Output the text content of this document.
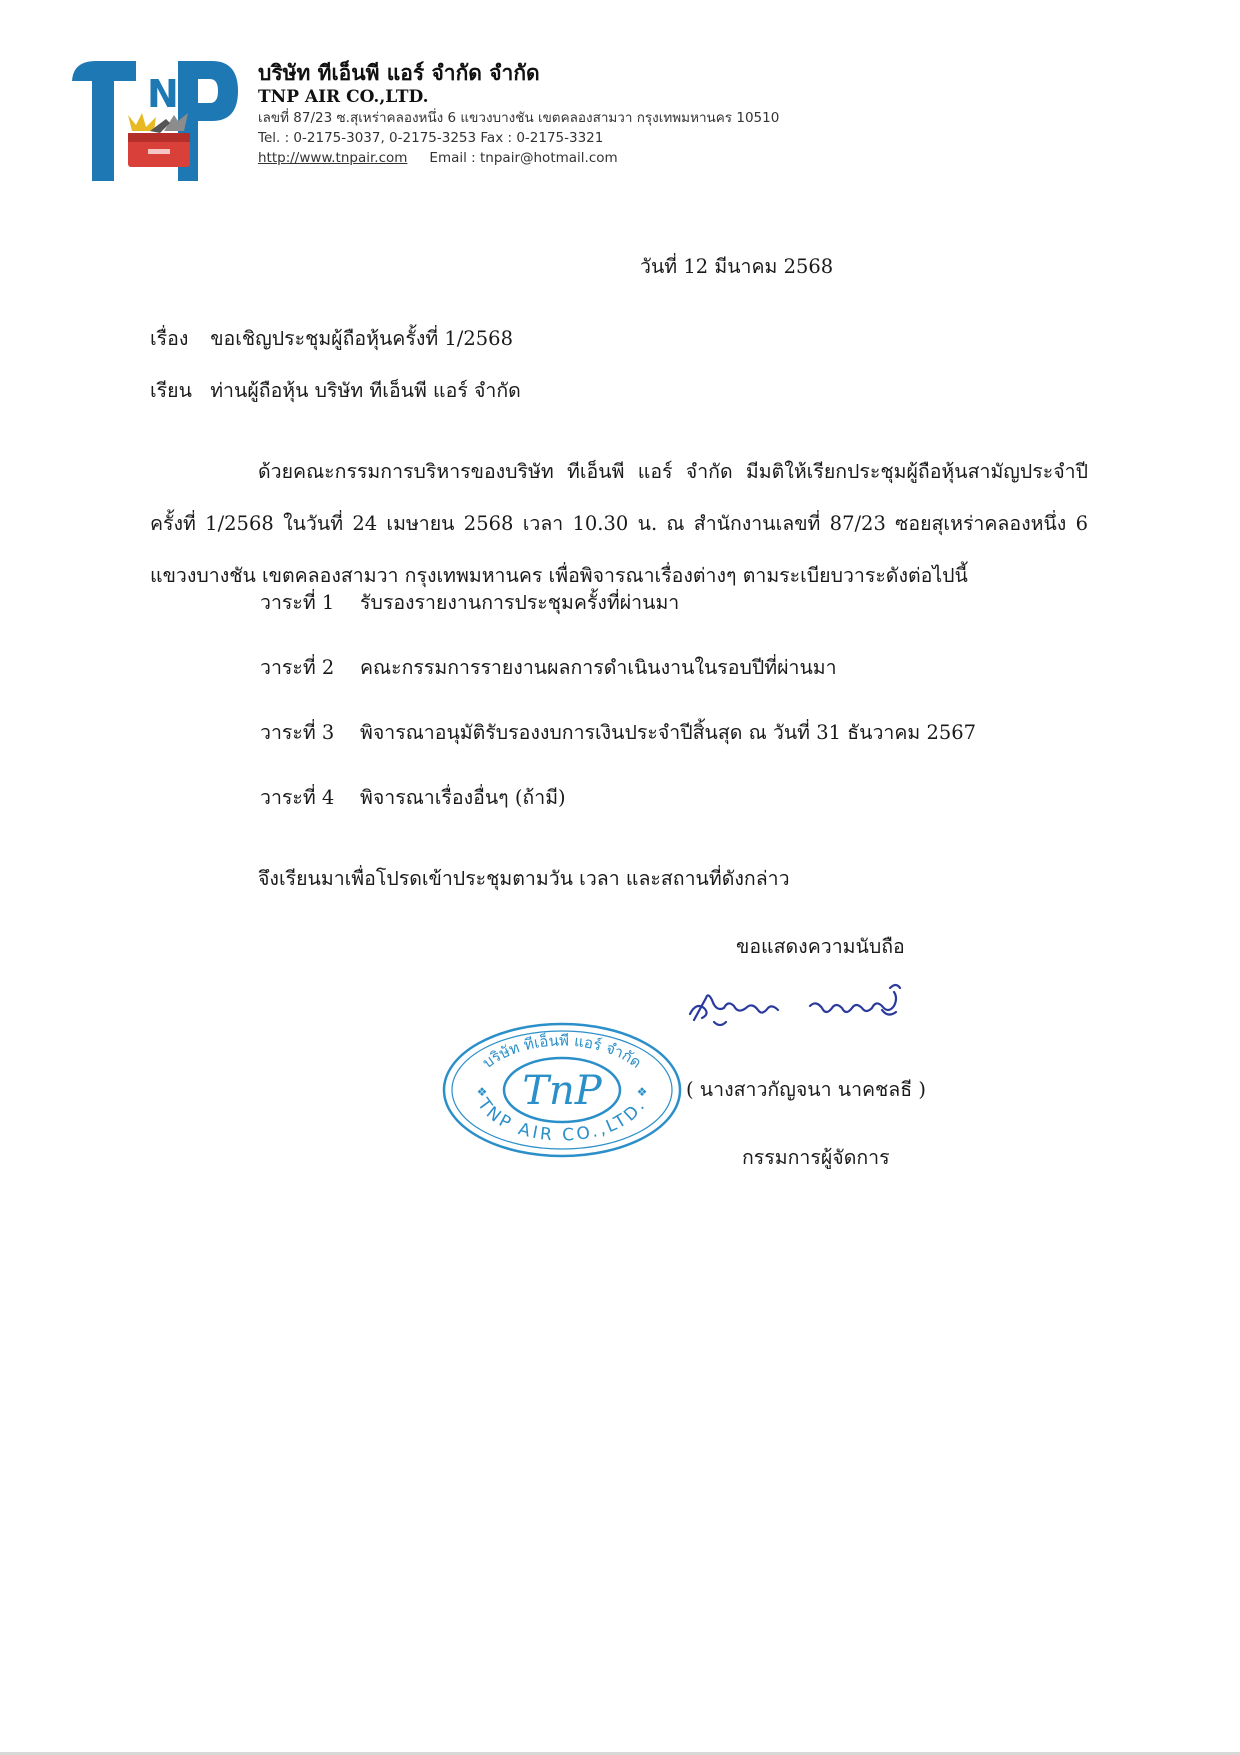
N	บริษัท ทีเอ็นพี แอร์ จำกัด จำกัด
TNP AIR CO.,LTD.
เลขที่ 87/23 ซ.สุเหร่าคลองหนึ่ง 6 แขวงบางชัน เขตคลองสามวา กรุงเทพมหานคร 10510
Tel. : 0-2175-3037, 0-2175-3253 Fax : 0-2175-3321
http://www.tnpair.com Email : tnpair@hotmail.com
วันที่ 12 มีนาคม 2568
เรื่อง ขอเชิญประชุมผู้ถือหุ้นครั้งที่ 1/2568
เรียน ท่านผู้ถือหุ้น บริษัท ทีเอ็นพี แอร์ จำกัด

ด้วยคณะกรรมการบริหารของบริษัท ทีเอ็นพี แอร์ จำกัด มีมติให้เรียกประชุมผู้ถือหุ้นสามัญประจำปี ครั้งที่ 1/2568 ในวันที่ 24 เมษายน 2568 เวลา 10.30 น. ณ สำนักงานเลขที่ 87/23 ซอยสุเหร่าคลองหนึ่ง 6 แขวงบางชัน เขตคลองสามวา กรุงเทพมหานคร เพื่อพิจารณาเรื่องต่างๆ ตามระเบียบวาระดังต่อไปนี้

วาระที่ 1 รับรองรายงานการประชุมครั้งที่ผ่านมา
วาระที่ 2 คณะกรรมการรายงานผลการดำเนินงานในรอบปีที่ผ่านมา
วาระที่ 3 พิจารณาอนุมัติรับรองงบการเงินประจำปีสิ้นสุด ณ วันที่ 31 ธันวาคม 2567
วาระที่ 4 พิจารณาเรื่องอื่นๆ (ถ้ามี)
จึงเรียนมาเพื่อโปรดเข้าประชุมตามวัน เวลา และสถานที่ดังกล่าว
ขอแสดงความนับถือ
บริษัท ทีเอ็นพี แอร์ จำกัด
TNP AIR CO.,LTD.
TnP
❖	❖ ( นางสาวกัญจนา นาคชลธี )
กรรมการผู้จัดการ
